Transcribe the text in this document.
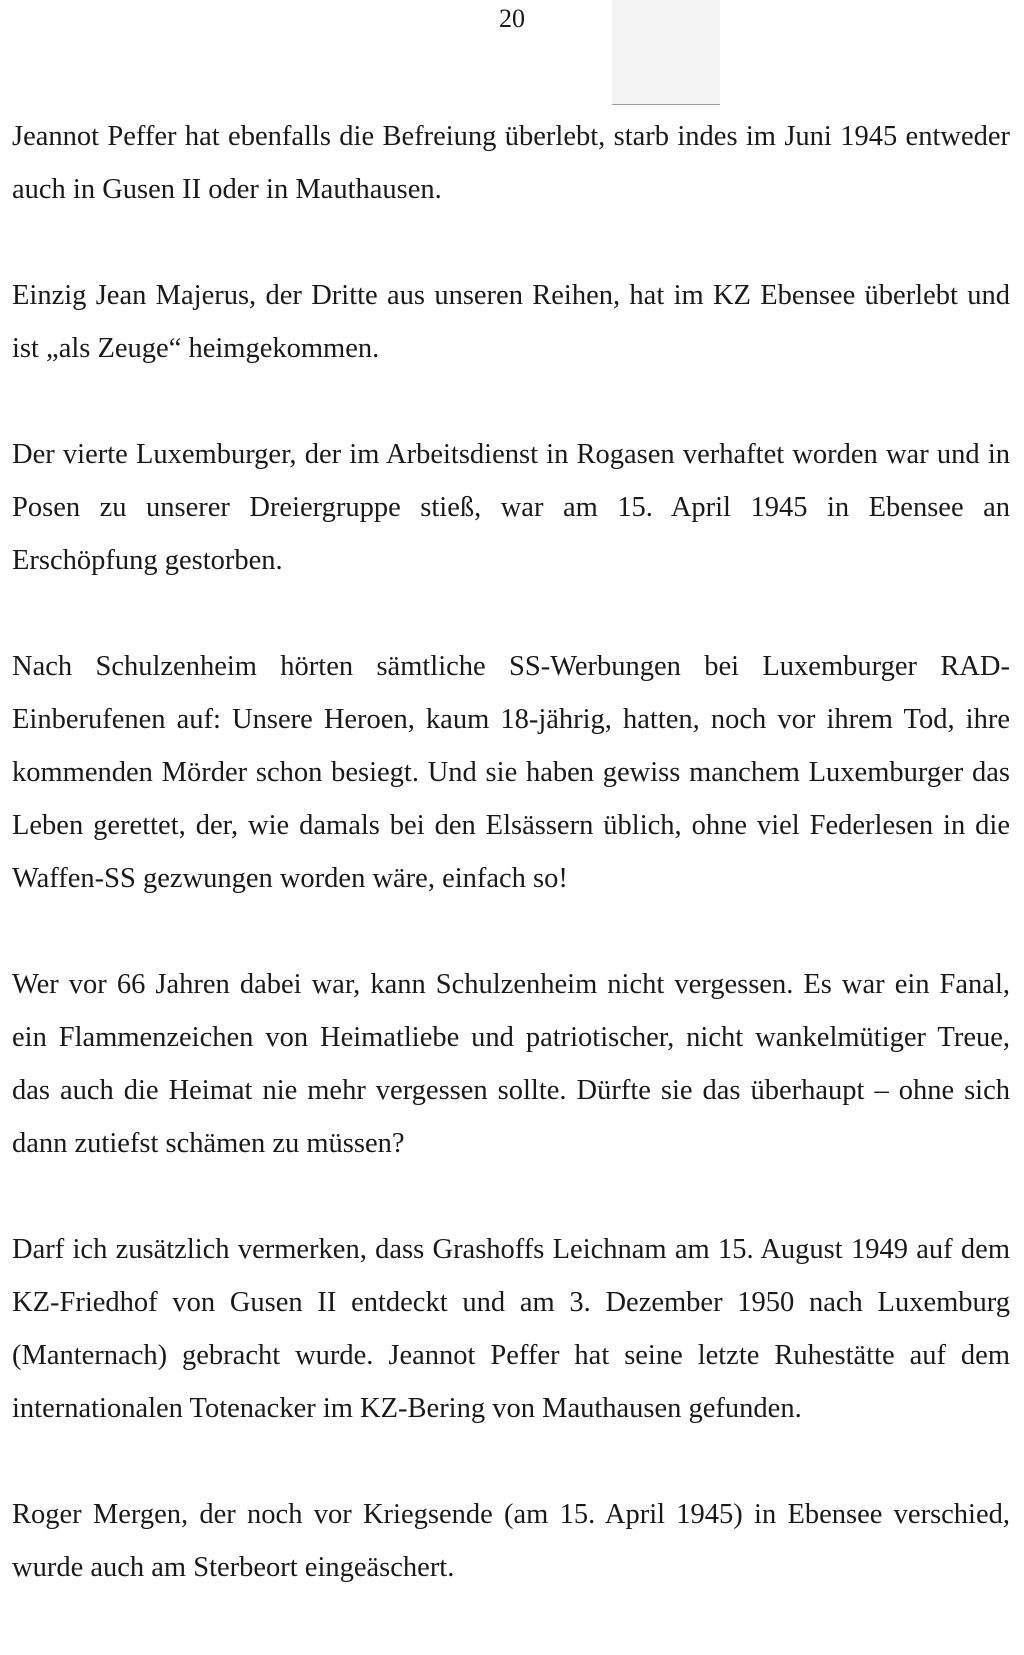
20

Jeannot Peffer hat ebenfalls die Befreiung überlebt, starb indes im Juni 1945 entweder auch in Gusen II oder in Mauthausen.

Einzig Jean Majerus, der Dritte aus unseren Reihen, hat im KZ Ebensee überlebt und ist „als Zeuge“ heimgekommen.

Der vierte Luxemburger, der im Arbeitsdienst in Rogasen verhaftet worden war und in Posen zu unserer Dreiergruppe stieß, war am 15. April 1945 in Ebensee an Erschöpfung gestorben.

Nach Schulzenheim hörten sämtliche SS-Werbungen bei Luxemburger RAD-Einberufenen auf: Unsere Heroen, kaum 18-jährig, hatten, noch vor ihrem Tod, ihre kommenden Mörder schon besiegt. Und sie haben gewiss manchem Luxemburger das Leben gerettet, der, wie damals bei den Elsässern üblich, ohne viel Federlesen in die Waffen-SS gezwungen worden wäre, einfach so!

Wer vor 66 Jahren dabei war, kann Schulzenheim nicht vergessen. Es war ein Fanal, ein Flammenzeichen von Heimatliebe und patriotischer, nicht wankelmütiger Treue, das auch die Heimat nie mehr vergessen sollte. Dürfte sie das überhaupt – ohne sich dann zutiefst schämen zu müssen?

Darf ich zusätzlich vermerken, dass Grashoffs Leichnam am 15. August 1949 auf dem KZ-Friedhof von Gusen II entdeckt und am 3. Dezember 1950 nach Luxemburg (Manternach) gebracht wurde. Jeannot Peffer hat seine letzte Ruhestätte auf dem internationalen Totenacker im KZ-Bering von Mauthausen gefunden.

Roger Mergen, der noch vor Kriegsende (am 15. April 1945) in Ebensee verschied, wurde auch am Sterbeort eingeäschert.
